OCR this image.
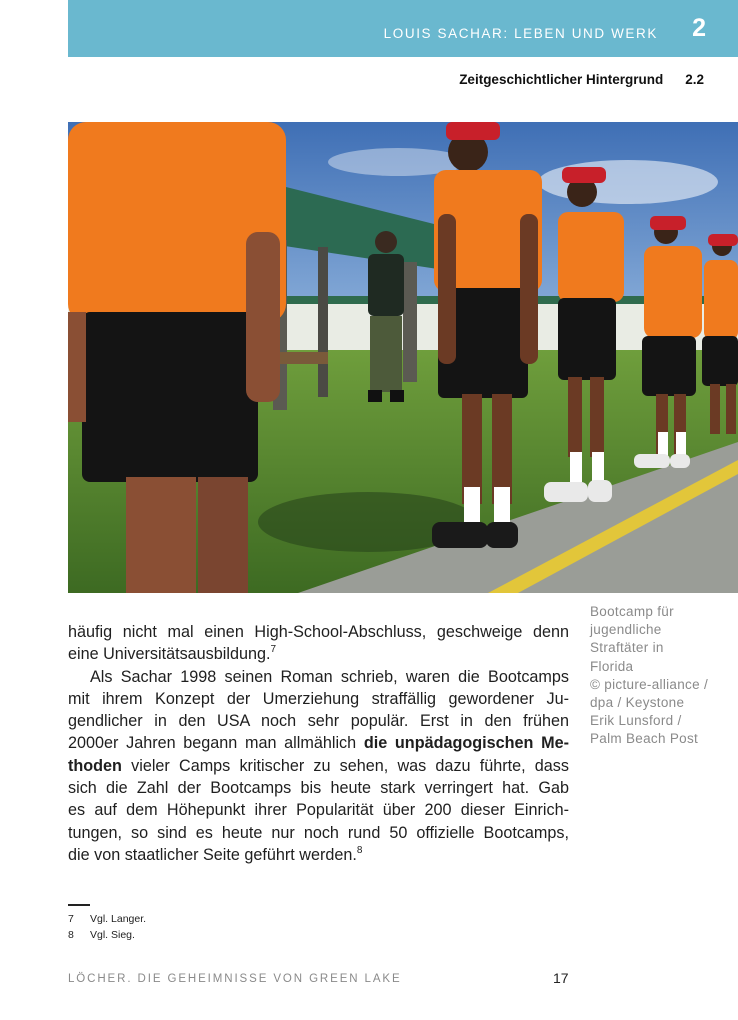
LOUIS SACHAR: LEBEN UND WERK 2
Zeitgeschichtlicher Hintergrund 2.2
Bootcamp für
jugendliche
Straftäter in
Florida
© picture-alliance /
dpa / Keystone
Erik Lunsford /
Palm Beach Post
häufig nicht mal einen High-School-Abschluss, geschweige denn
eine Universitätsausbildung.$^7$
Als Sachar 1998 seinen Roman schrieb, waren die Bootcamps
mit ihrem Konzept der Umerziehung straffällig gewordener Ju-
gendlicher in den USA noch sehr populär. Erst in den frühen
2000er Jahren begann man allmählich die unpädagogischen Me-
thoden vieler Camps kritischer zu sehen, was dazu führte, dass
sich die Zahl der Bootcamps bis heute stark verringert hat. Gab
es auf dem Höhepunkt ihrer Popularität über 200 dieser Einrich-
tungen, so sind es heute nur noch rund 50 offizielle Bootcamps,
die von staatlicher Seite geführt werden.$^8$
7 Vgl. Langer.
8 Vgl. Sieg.
LÖCHER. DIE GEHEIMNISSE VON GREEN LAKE	17
